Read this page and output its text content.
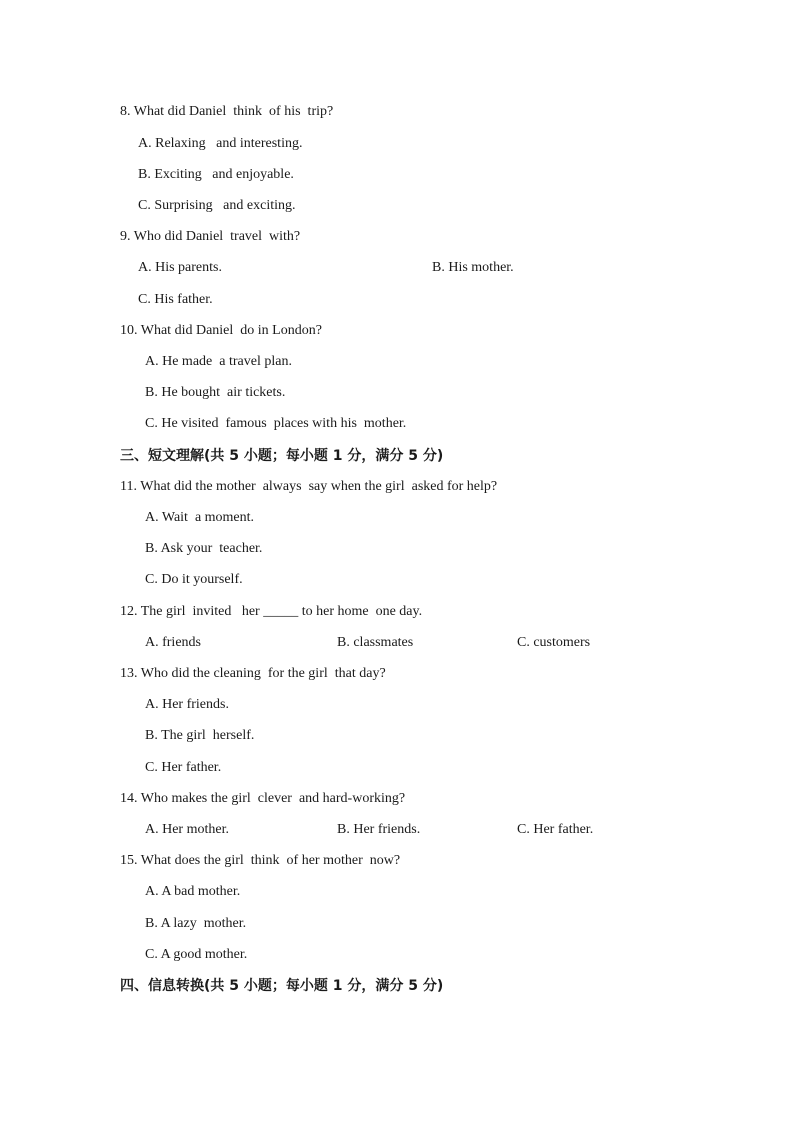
8. What did Daniel  think  of his  trip?
A. Relaxing   and interesting.
B. Exciting   and enjoyable.
C. Surprising   and exciting.
9. Who did Daniel  travel  with?
A. His parents.	B. His mother.
C. His father.
10. What did Daniel  do in London?
A. He made  a travel plan.
B. He bought  air tickets.
C. He visited  famous  places with his  mother.
三、短文理解(共 5 小题；每小题 1 分，满分 5 分)
11. What did the mother  always  say when the girl  asked for help?
A. Wait  a moment.
B. Ask your  teacher.
C. Do it yourself.
12. The girl  invited   her _____ to her home  one day.
A. friends	B. classmates	C. customers
13. Who did the cleaning  for the girl  that day?
A. Her friends.
B. The girl  herself.
C. Her father.
14. Who makes the girl  clever  and hard-working?
A. Her mother.	B. Her friends.	C. Her father.
15. What does the girl  think  of her mother  now?
A. A bad mother.
B. A lazy  mother.
C. A good mother.
四、信息转换(共 5 小题；每小题 1 分，满分 5 分)
